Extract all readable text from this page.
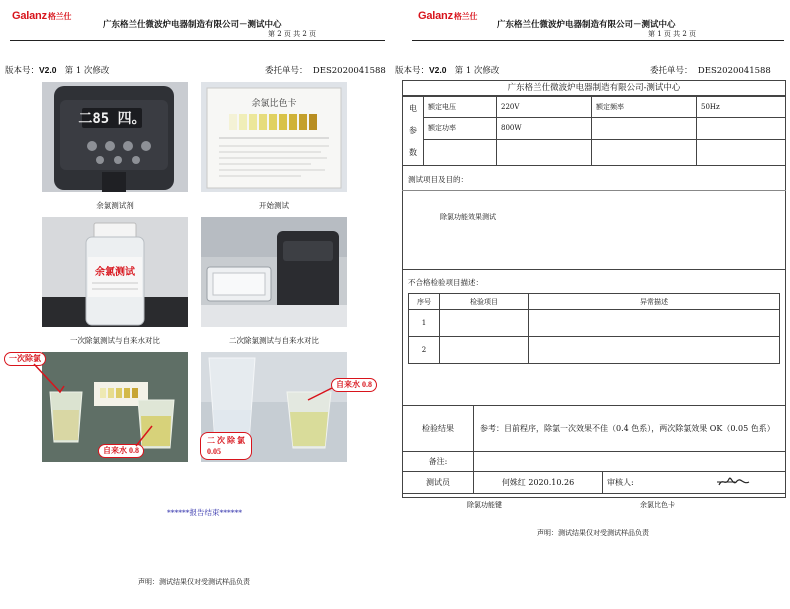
Galanz格兰仕
广东格兰仕微波炉电器制造有限公司－测试中心
第 2 页 共 2 页
版本号：V2.0 第 1 次修改	委托单号： DES2020041588
二85 四。
余氯测试剂
余氯比色卡
开始测试
余氯测试
一次除氯测试与自来水对比	二次除氯测试与自来水对比
一次除氯
自来水 0.8
自来水 0.8
二 次 除 氯
0.05
******报告结束******
声明：测试结果仅对受测试样品负责
Galanz格兰仕
广东格兰仕微波炉电器制造有限公司－测试中心
第 1 页 共 2 页
版本号：V2.0 第 1 次修改	委托单号： DES2020041588
广东格兰仕微波炉电器制造有限公司-测试中心
电
参
数	额定电压	220V	额定频率	50Hz
	额定功率	800W		

测试项目及目的：
除氯功能效果测试
不合格检验项目描述：
序号	检验项目	异常描述
1		
2		
检验结果	参考：目前程序，除氯一次效果不佳（0.4 色系），两次除氯效果 OK（0.05 色系）		
备注:			
测试员	何姝红 2020.10.26	审核人:	
除氯功能键	余氯比色卡
声明：测试结果仅对受测试样品负责
